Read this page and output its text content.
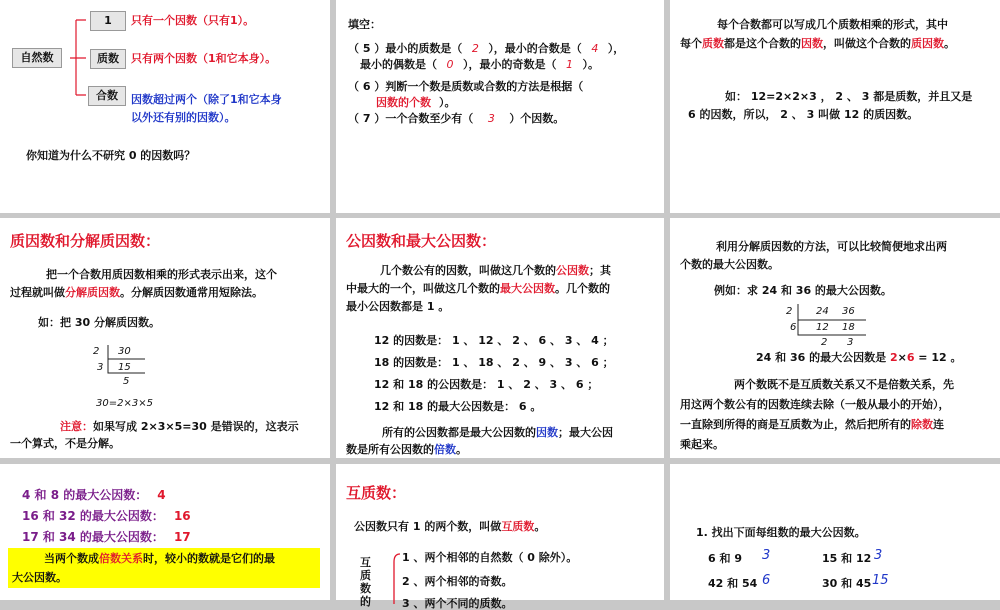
自然数
1	只有一个因数（只有1）。
质数	只有两个因数（1和它本身）。
合数	因数超过两个（除了1和它本身
以外还有别的因数）。
你知道为什么不研究 0 的因数吗？
填空：
（ 5 ）最小的质数是（ 2 ），最小的合数是（ 4 ），
最小的偶数是（ 0 ），最小的奇数是（ 1 ）。
（ 6 ）判断一个数是质数或合数的方法是根据（
因数的个数 ）。
（ 7 ）一个合数至少有（ 3 ）个因数。
每个合数都可以写成几个质数相乘的形式，其中
每个质数都是这个合数的因数，叫做这个合数的质因数。
如： 12=2×2×3 ， 2 、 3 都是质数，并且又是
6 的因数，所以， 2 、 3 叫做 12 的质因数。
质因数和分解质因数：
把一个合数用质因数相乘的形式表示出来，这个
过程就叫做分解质因数。分解质因数通常用短除法。
如：把 30 分解质因数。
2 30
3 15
5
30=2×3×5
注意：如果写成 2×3×5=30 是错误的，这表示
一个算式，不是分解。
公因数和最大公因数：
几个数公有的因数，叫做这几个数的公因数；其
中最大的一个，叫做这几个数的最大公因数。几个数的
最小公因数都是 1 。
12 的因数是： 1 、 12 、 2 、 6 、 3 、 4 ；
18 的因数是： 1 、 18 、 2 、 9 、 3 、 6 ；
12 和 18 的公因数是： 1 、 2 、 3 、 6 ；
12 和 18 的最大公因数是： 6 。
所有的公因数都是最大公因数的因数；最大公因
数是所有公因数的倍数。
利用分解质因数的方法，可以比较简便地求出两
个数的最大公因数。
例如：求 24 和 36 的最大公因数。
2 24 36
6 12 18
2 3
24 和 36 的最大公因数是 2×6 = 12 。
两个数既不是互质数关系又不是倍数关系，先
用这两个数公有的因数连续去除（一般从最小的开始），
一直除到所得的商是互质数为止，然后把所有的除数连
乘起来。
4 和 8 的最大公因数： 4
16 和 32 的最大公因数： 16
17 和 34 的最大公因数： 17
当两个数成倍数关系时，较小的数就是它们的最
大公因数。
互质数：
公因数只有 1 的两个数，叫做互质数。
互质数的
1 、两个相邻的自然数（ 0 除外）。
2 、两个相邻的奇数。
3 、两个不同的质数。
1. 找出下面每组数的最大公因数。
6 和 9 3	15 和 12 3
42 和 54 6	30 和 45 15
